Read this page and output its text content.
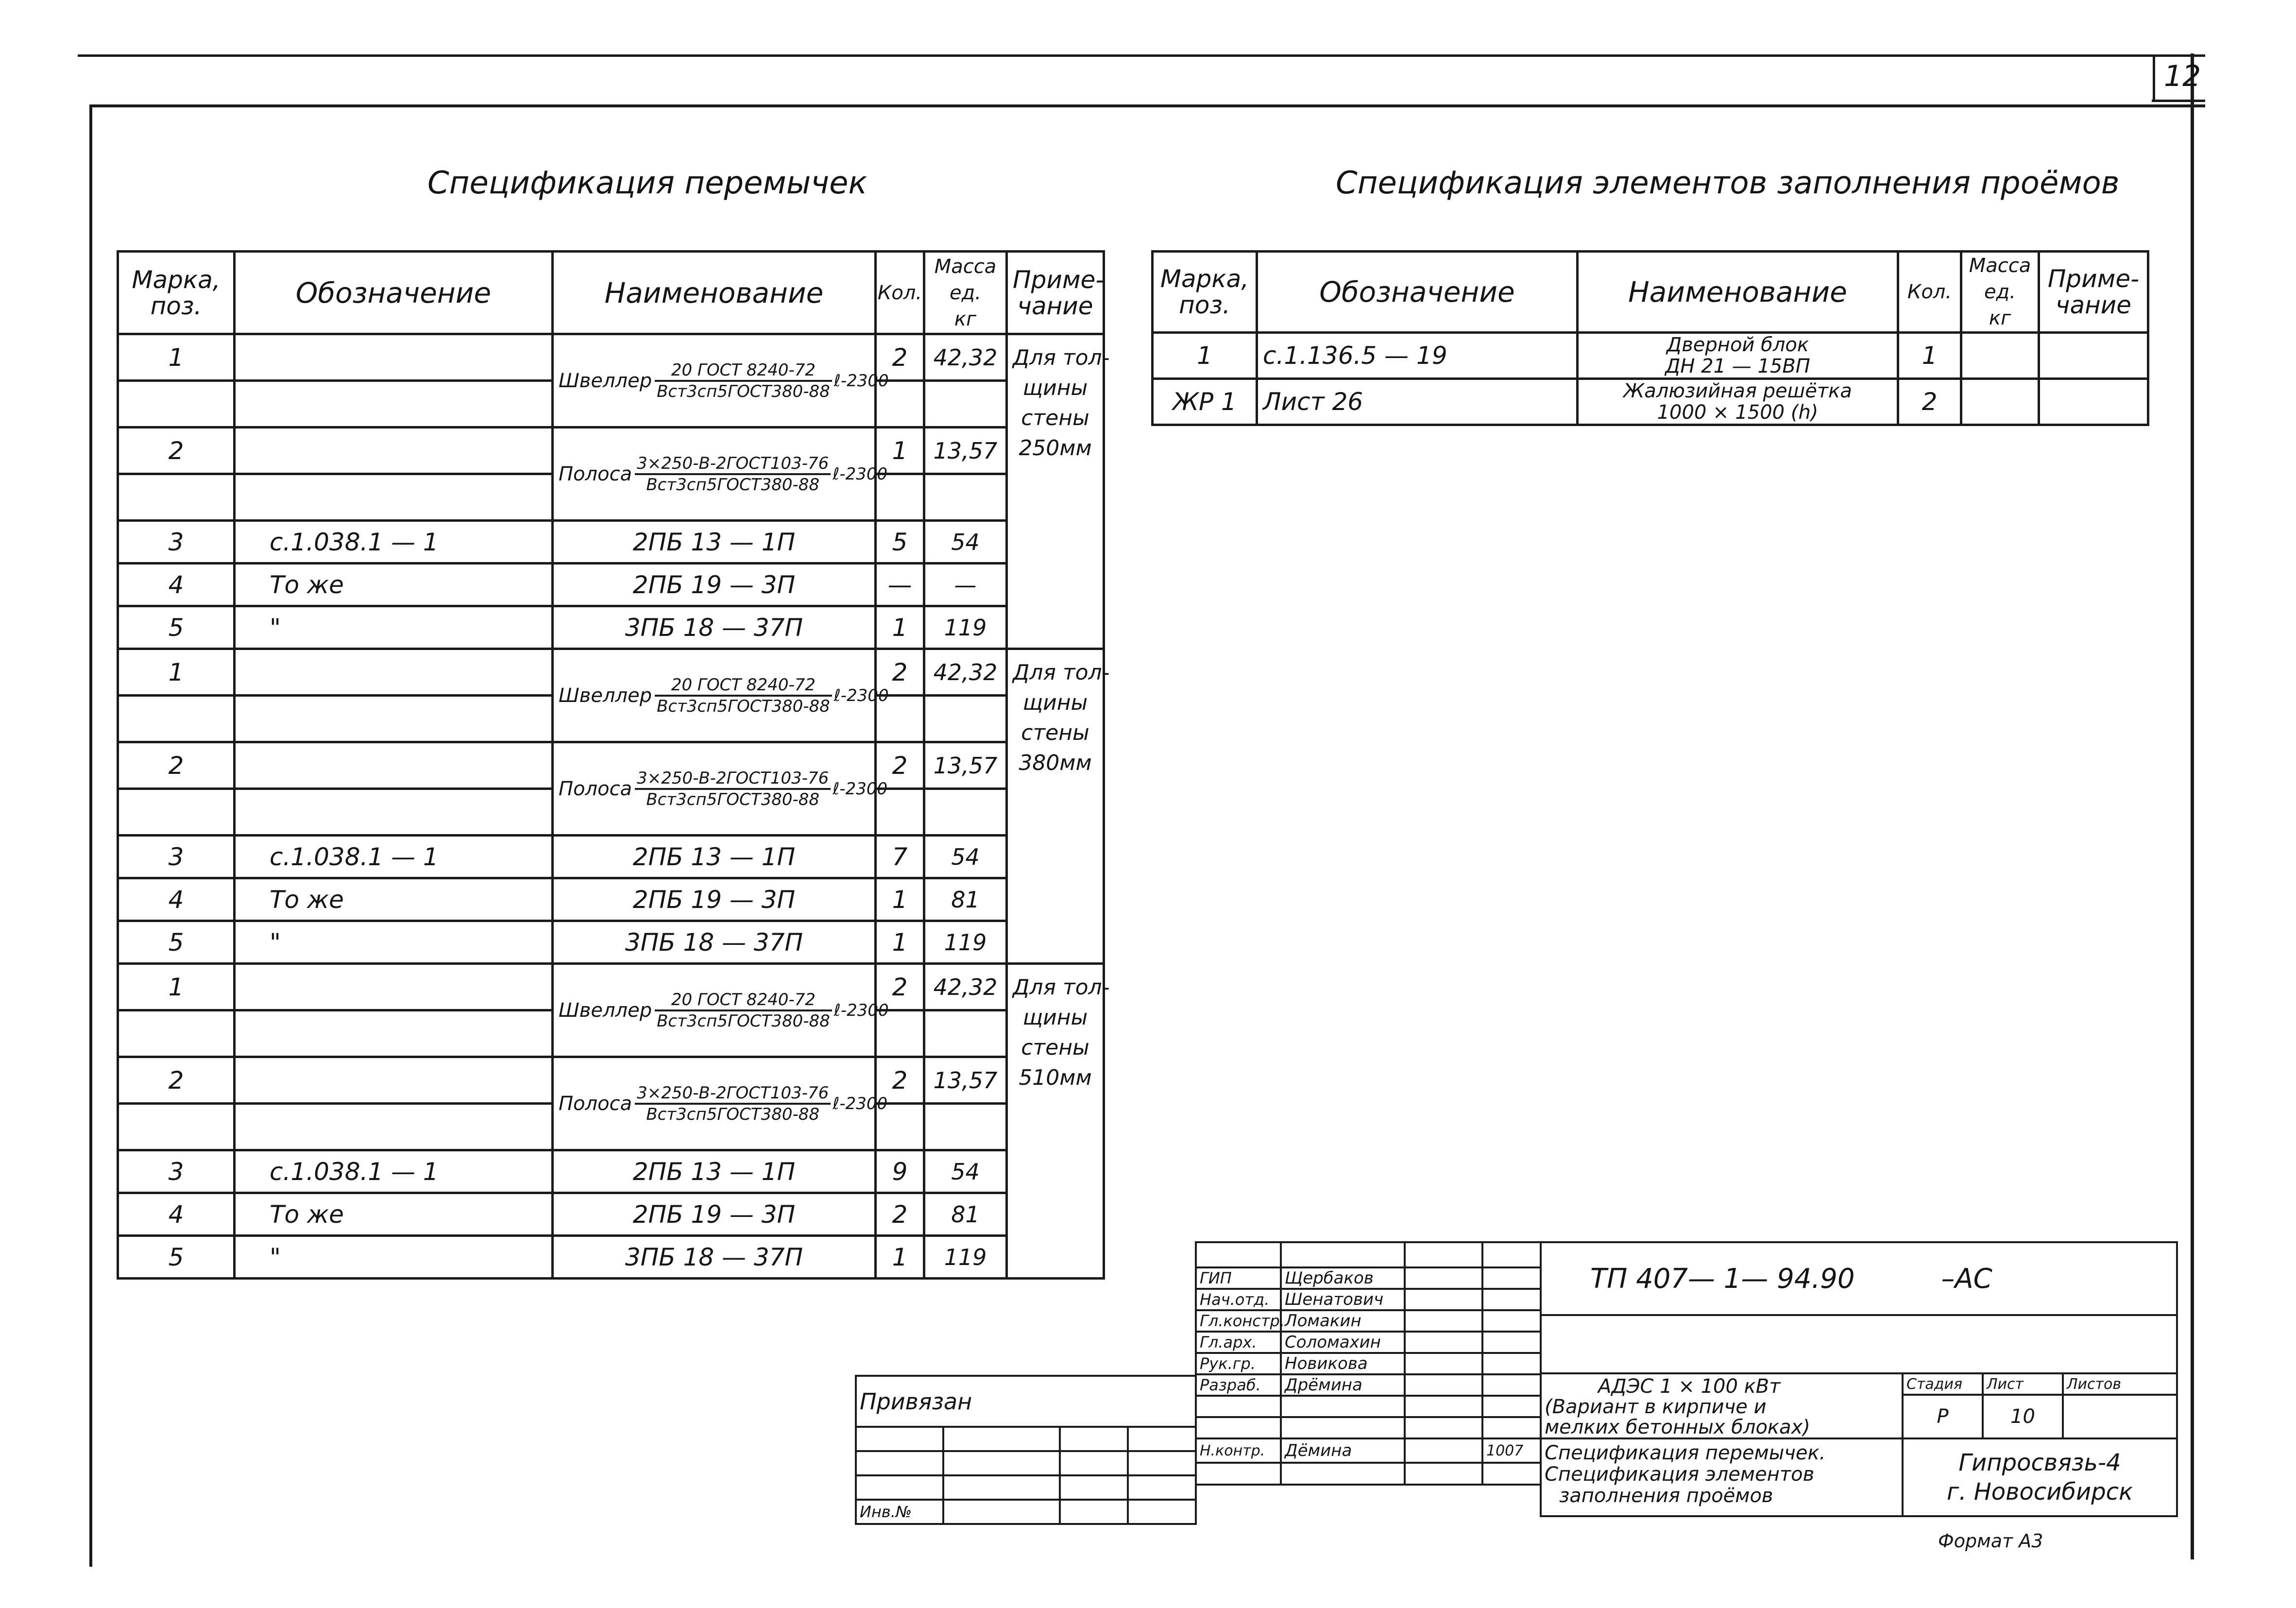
12
Спецификация перемычек	Спецификация элементов заполнения проёмов
Марка,
поз.	Обозначение	Наименование	Кол.	Масса
ед.
кг	Приме-
чание
1		Швеллер $\frac{\text{20 ГОСТ 8240-72}}{\text{Вст3сп5ГОСТ380-88}}$ ℓ-2300	2	42,32	Для тол-
щины
стены
250мм

2		Полоса $\frac{\text{3×250-В-2ГОСТ103-76}}{\text{Вст3сп5ГОСТ380-88}}$ ℓ-2300	1	13,57	

3	с.1.038.1 — 1	2ПБ 13 — 1П	5	54	
4	То же	2ПБ 19 — 3П	—	—	
5	"	3ПБ 18 — 37П	1	119	
1		Швеллер $\frac{\text{20 ГОСТ 8240-72}}{\text{Вст3сп5ГОСТ380-88}}$ ℓ-2300	2	42,32	Для тол-
щины
стены
380мм

2		Полоса $\frac{\text{3×250-В-2ГОСТ103-76}}{\text{Вст3сп5ГОСТ380-88}}$ ℓ-2300	2	13,57	

3	с.1.038.1 — 1	2ПБ 13 — 1П	7	54	
4	То же	2ПБ 19 — 3П	1	81	
5	"	3ПБ 18 — 37П	1	119	
1		Швеллер $\frac{\text{20 ГОСТ 8240-72}}{\text{Вст3сп5ГОСТ380-88}}$ ℓ-2300	2	42,32	Для тол-
щины
стены
510мм

2		Полоса $\frac{\text{3×250-В-2ГОСТ103-76}}{\text{Вст3сп5ГОСТ380-88}}$ ℓ-2300	2	13,57	

3	с.1.038.1 — 1	2ПБ 13 — 1П	9	54	
4	То же	2ПБ 19 — 3П	2	81	
5	"	3ПБ 18 — 37П	1	119	
Марка,
поз.	Обозначение	Наименование	Кол.	Масса
ед.
кг	Приме-
чание
1	с.1.136.5 — 19	Дверной блок
ДН 21 — 15ВП	1		
ЖР 1	Лист 26	Жалюзийная решётка
1000 × 1500 (h)	2		
Привязан			

Инв.№			

ГИП	Щербаков		
Нач.отд.	Шенатович		
Гл.констр.	Ломакин		
Гл.арх.	Соломахин		
Рук.гр.	Новикова		
Разраб.	Дрёмина		

Н.контр.	Дёмина		1007

ТП 407— 1— 94.90 –АС			

АДЭС 1 × 100 кВт
(Вариант в кирпиче и
мелких бетонных блоках)	Стадия	Лист	Листов
	Р	10	
Спецификация перемычек.
Спецификация элементов
заполнения проёмов	Гипросвязь-4
г. Новосибирск		
Формат А3
